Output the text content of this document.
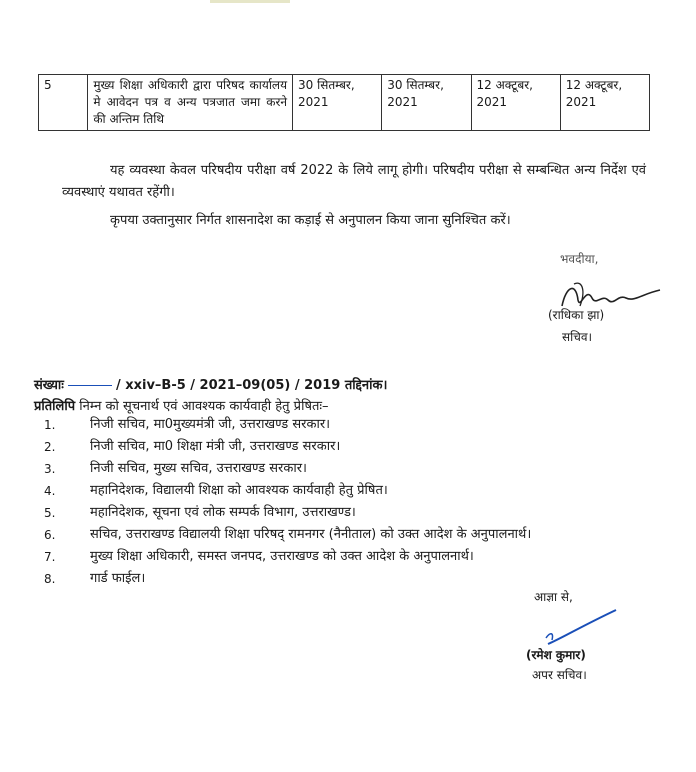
5	मुख्य शिक्षा अधिकारी द्वारा परिषद कार्यालय मे आवेदन पत्र व अन्य पत्रजात जमा करने की अन्तिम तिथि	30 सितम्बर, 2021	30 सितम्बर, 2021	12 अक्टूबर, 2021	12 अक्टूबर, 2021
यह व्यवस्था केवल परिषदीय परीक्षा वर्ष 2022 के लिये लागू होगी। परिषदीय परीक्षा से सम्बन्धित अन्य निर्देश एवं व्यवस्थाएं यथावत रहेंगी।
कृपया उक्तानुसार निर्गत शासनादेश का कड़ाई से अनुपालन किया जाना सुनिश्चित करें।
भवदीया,
(राधिका झा)
सचिव।
संख्याः	/ xxiv–B-5 / 2021–09(05) / 2019 तद्दिनांक।
प्रतिलिपि निम्न को सूचनार्थ एवं आवश्यक कार्यवाही हेतु प्रेषितः–
1.	निजी सचिव, मा0मुख्यमंत्री जी, उत्तराखण्ड सरकार।
2.	निजी सचिव, मा0 शिक्षा मंत्री जी, उत्तराखण्ड सरकार।
3.	निजी सचिव, मुख्य सचिव, उत्तराखण्ड सरकार।
4.	महानिदेशक, विद्यालयी शिक्षा को आवश्यक कार्यवाही हेतु प्रेषित।
5.	महानिदेशक, सूचना एवं लोक सम्पर्क विभाग, उत्तराखण्ड।
6.	सचिव, उत्तराखण्ड विद्यालयी शिक्षा परिषद् रामनगर (नैनीताल) को उक्त आदेश के अनुपालनार्थ।
7.	मुख्य शिक्षा अधिकारी, समस्त जनपद, उत्तराखण्ड को उक्त आदेश के अनुपालनार्थ।
8.	गार्ड फाईल।
आज्ञा से,
(रमेश कुमार)
अपर सचिव।
